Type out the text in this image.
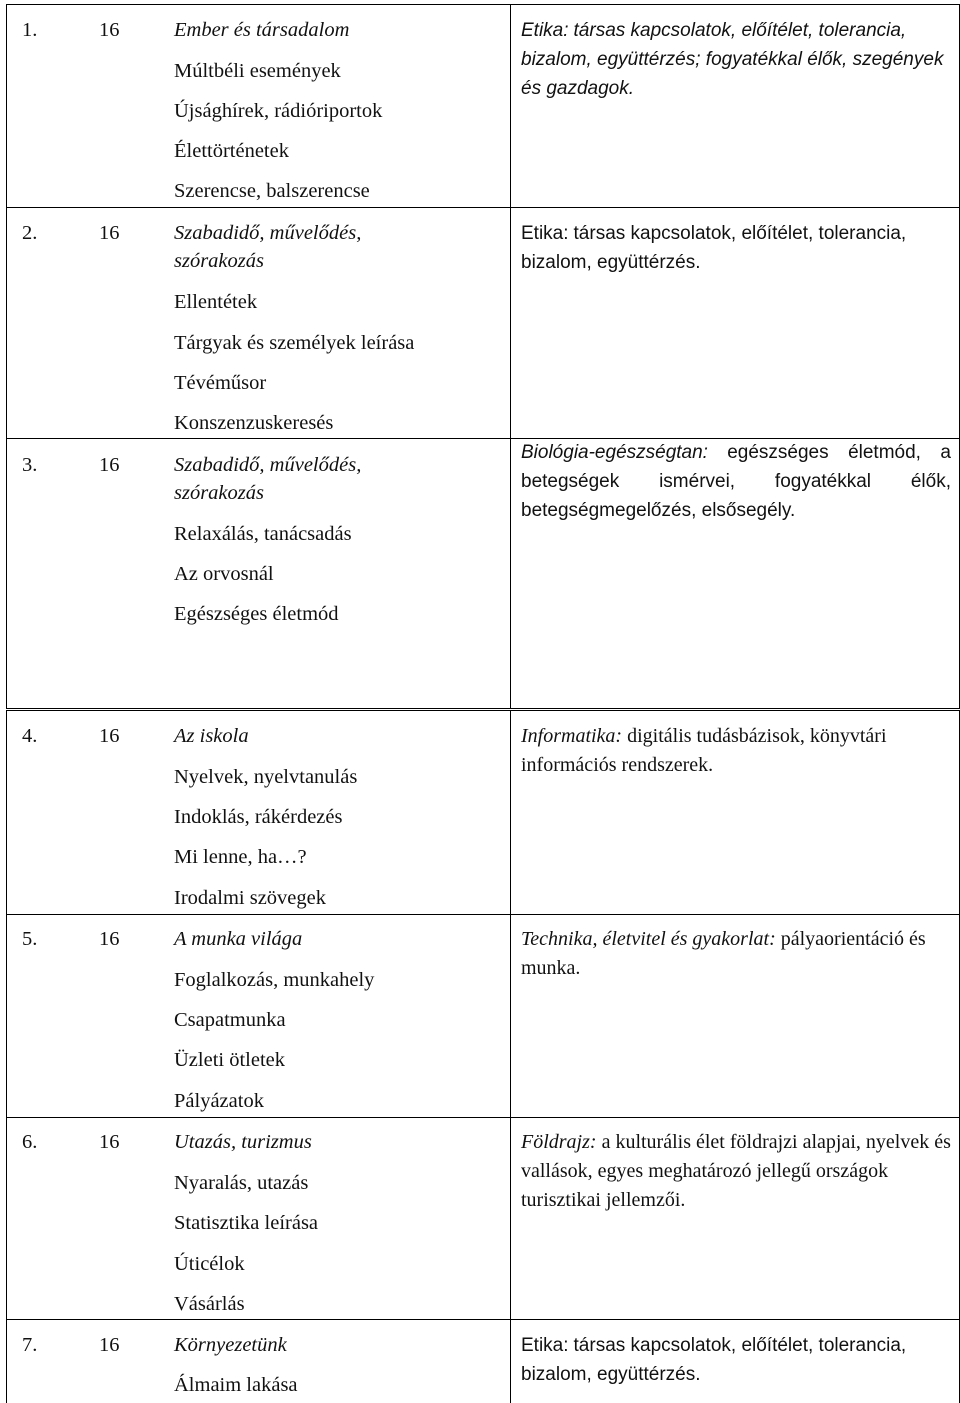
1.	16	Ember és társadalom
Múltbéli események
Újsághírek, rádióriportok
Élettörténetek
Szerencse, balszerencse
Etika: társas kapcsolatok, előítélet, tolerancia, bizalom, együttérzés; fogyatékkal élők, szegények és gazdagok.
2.	16	Szabadidő, művelődés,
szórakozás
Ellentétek
Tárgyak és személyek leírása
Tévéműsor
Konszenzuskeresés
Etika: társas kapcsolatok, előítélet, tolerancia, bizalom, együttérzés.
3.	16	Szabadidő, művelődés,
szórakozás
Relaxálás, tanácsadás
Az orvosnál
Egészséges életmód
Biológia-egészségtan: egészséges életmód, a betegségek ismérvei, fogyatékkal élők, betegségmegelőzés, elsősegély.
4.	16	Az iskola
Nyelvek, nyelvtanulás
Indoklás, rákérdezés
Mi lenne, ha…?
Irodalmi szövegek
Informatika: digitális tudásbázisok, könyvtári információs rendszerek.
5.	16	A munka világa
Foglalkozás, munkahely
Csapatmunka
Üzleti ötletek
Pályázatok
Technika, életvitel és gyakorlat: pályaorientáció és munka.
6.	16	Utazás, turizmus
Nyaralás, utazás
Statisztika leírása
Úticélok
Vásárlás
Földrajz: a kulturális élet földrajzi alapjai, nyelvek és vallások, egyes meghatározó jellegű országok turisztikai jellemzői.
7.	16	Környezetünk
Álmaim lakása
Etika: társas kapcsolatok, előítélet, tolerancia, bizalom, együttérzés.
